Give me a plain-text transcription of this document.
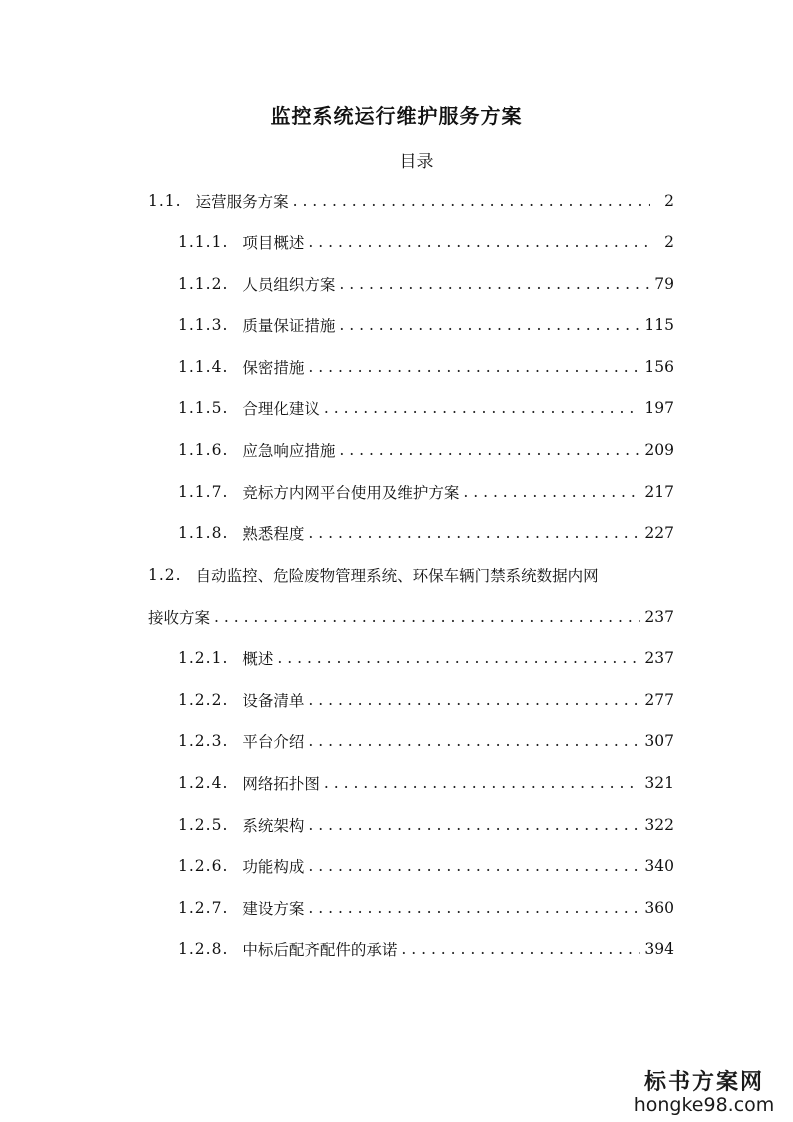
监控系统运行维护服务方案
目录
1.1. 运营服务方案 . . .	2
1.1.1. 项目概述 . . .	2
1.1.2. 人员组织方案 . . .	79
1.1.3. 质量保证措施 . . .	115
1.1.4. 保密措施 . . .	156
1.1.5. 合理化建议 . . .	197
1.1.6. 应急响应措施 . . .	209
1.1.7. 竞标方内网平台使用及维护方案 . . .	217
1.1.8. 熟悉程度 . . .	227
1.2. 自动监控、危险废物管理系统、环保车辆门禁系统数据内网
接收方案 . . .	237
1.2.1. 概述 . . .	237
1.2.2. 设备清单 . . .	277
1.2.3. 平台介绍 . . .	307
1.2.4. 网络拓扑图 . . .	321
1.2.5. 系统架构 . . .	322
1.2.6. 功能构成 . . .	340
1.2.7. 建设方案 . . .	360
1.2.8. 中标后配齐配件的承诺 . . .	394
标书方案网
hongke98.com
